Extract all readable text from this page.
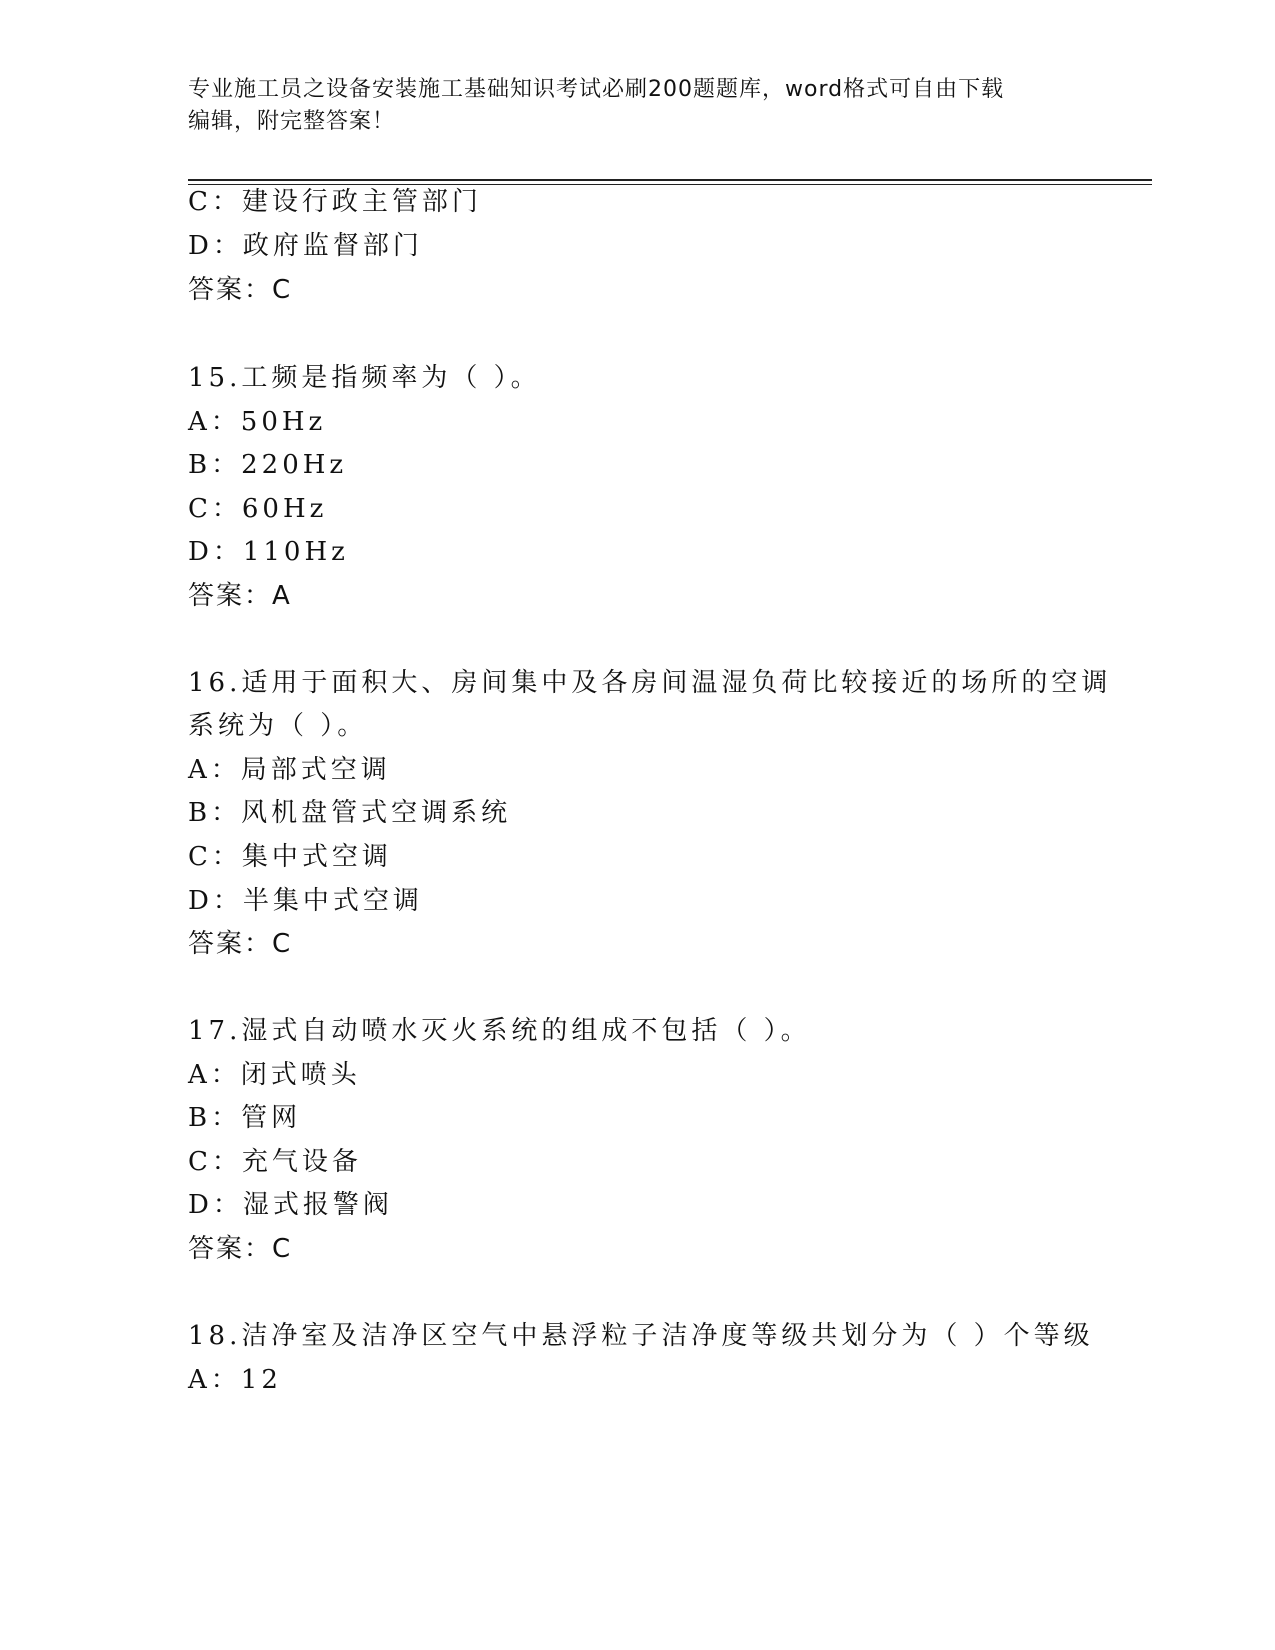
专业施工员之设备安装施工基础知识考试必刷200题题库，word格式可自由下载
编辑，附完整答案！
C：建设行政主管部门
D：政府监督部门
答案：C
15.工频是指频率为（ ）。
A：50Hz
B：220Hz
C：60Hz
D：110Hz
答案：A
16.适用于面积大、房间集中及各房间温湿负荷比较接近的场所的空调
系统为（ ）。
A：局部式空调
B：风机盘管式空调系统
C：集中式空调
D：半集中式空调
答案：C
17.湿式自动喷水灭火系统的组成不包括（ ）。
A：闭式喷头
B：管网
C：充气设备
D：湿式报警阀
答案：C
18.洁净室及洁净区空气中悬浮粒子洁净度等级共划分为（ ）个等级
A：12
